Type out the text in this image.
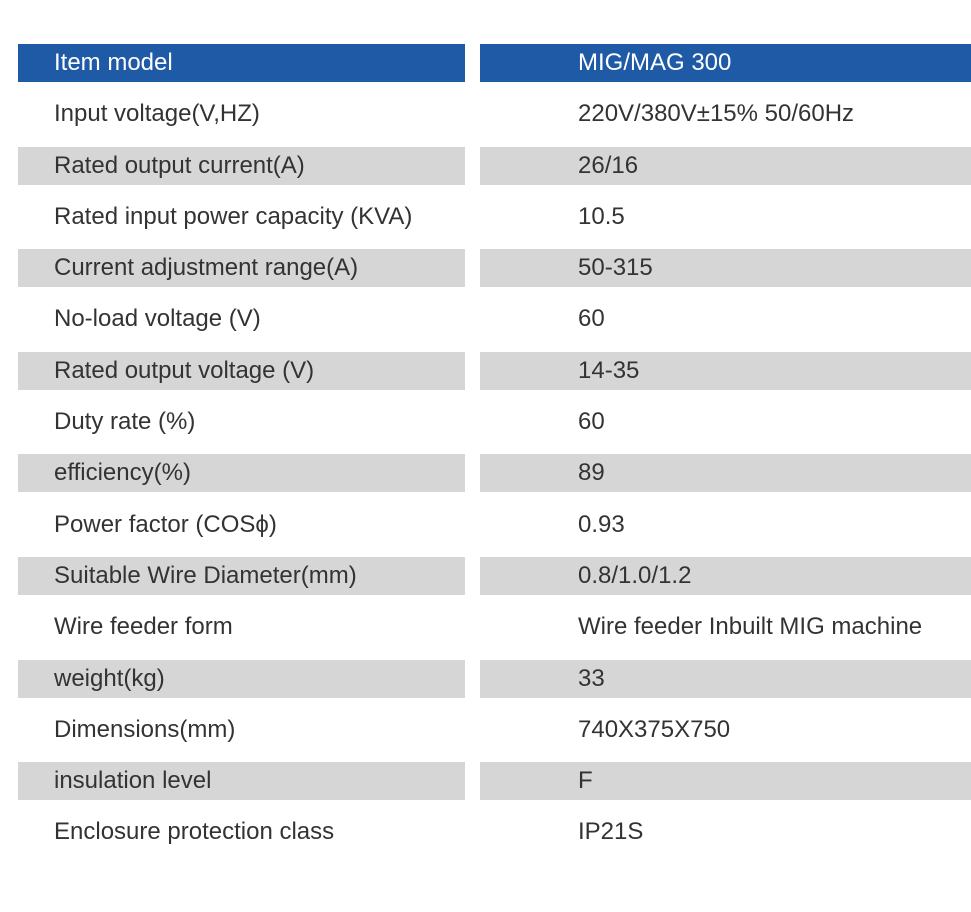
Item model	MIG/MAG 300
Input voltage(V,HZ)	220V/380V±15% 50/60Hz
Rated output current(A)	26/16
Rated input power capacity (KVA)	10.5
Current adjustment range(A)	50-315
No-load voltage (V)	60
Rated output voltage (V)	14-35
Duty rate (%)	60
efficiency(%)	89
Power factor (COSϕ)	0.93
Suitable Wire Diameter(mm)	0.8/1.0/1.2
Wire feeder form	Wire feeder Inbuilt MIG machine
weight(kg)	33
Dimensions(mm)	740X375X750
insulation level	F
Enclosure protection class	IP21S
